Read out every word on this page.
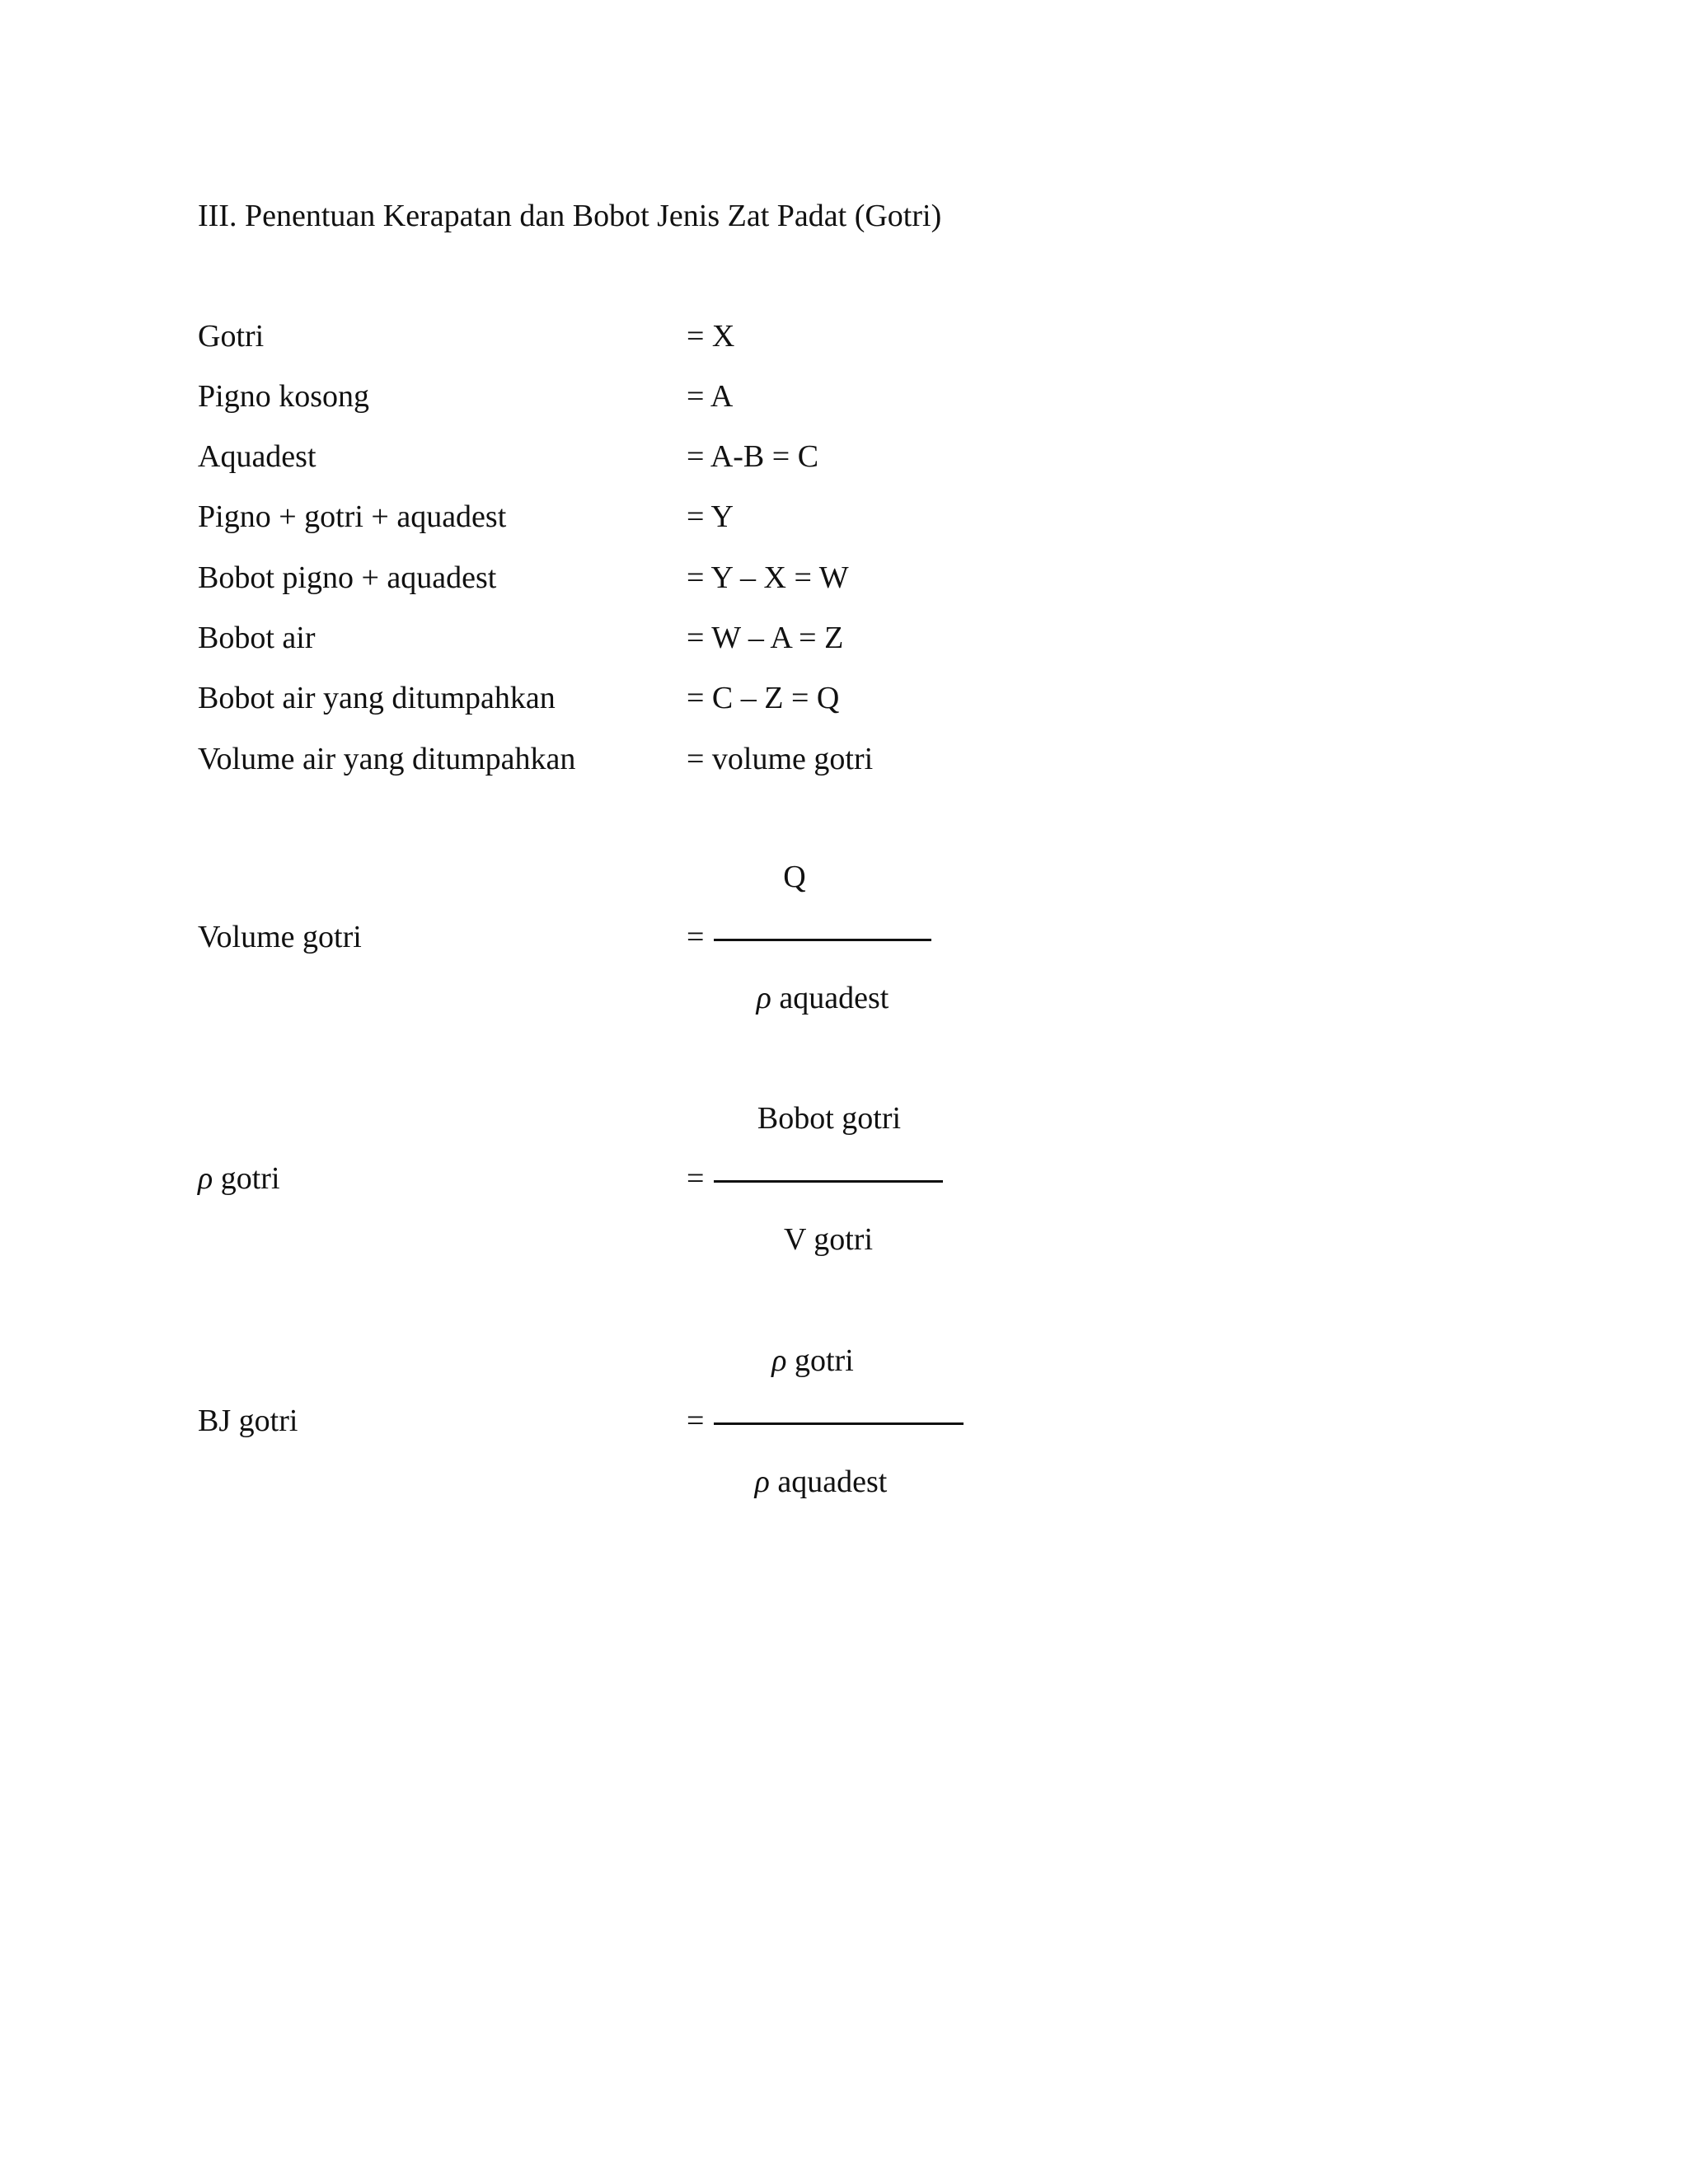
III. Penentuan Kerapatan dan Bobot Jenis Zat Padat (Gotri)
Gotri	= X
Pigno kosong	= A
Aquadest	= A-B = C
Pigno + gotri + aquadest	= Y
Bobot pigno + aquadest	= Y – X = W
Bobot air	= W – A = Z
Bobot air yang ditumpahkan	= C – Z = Q
Volume air yang ditumpahkan	= volume gotri
Q
Volume gotri	=
ρ aquadest
Bobot gotri
ρ gotri	=
V gotri
ρ gotri
BJ gotri	=
ρ aquadest
